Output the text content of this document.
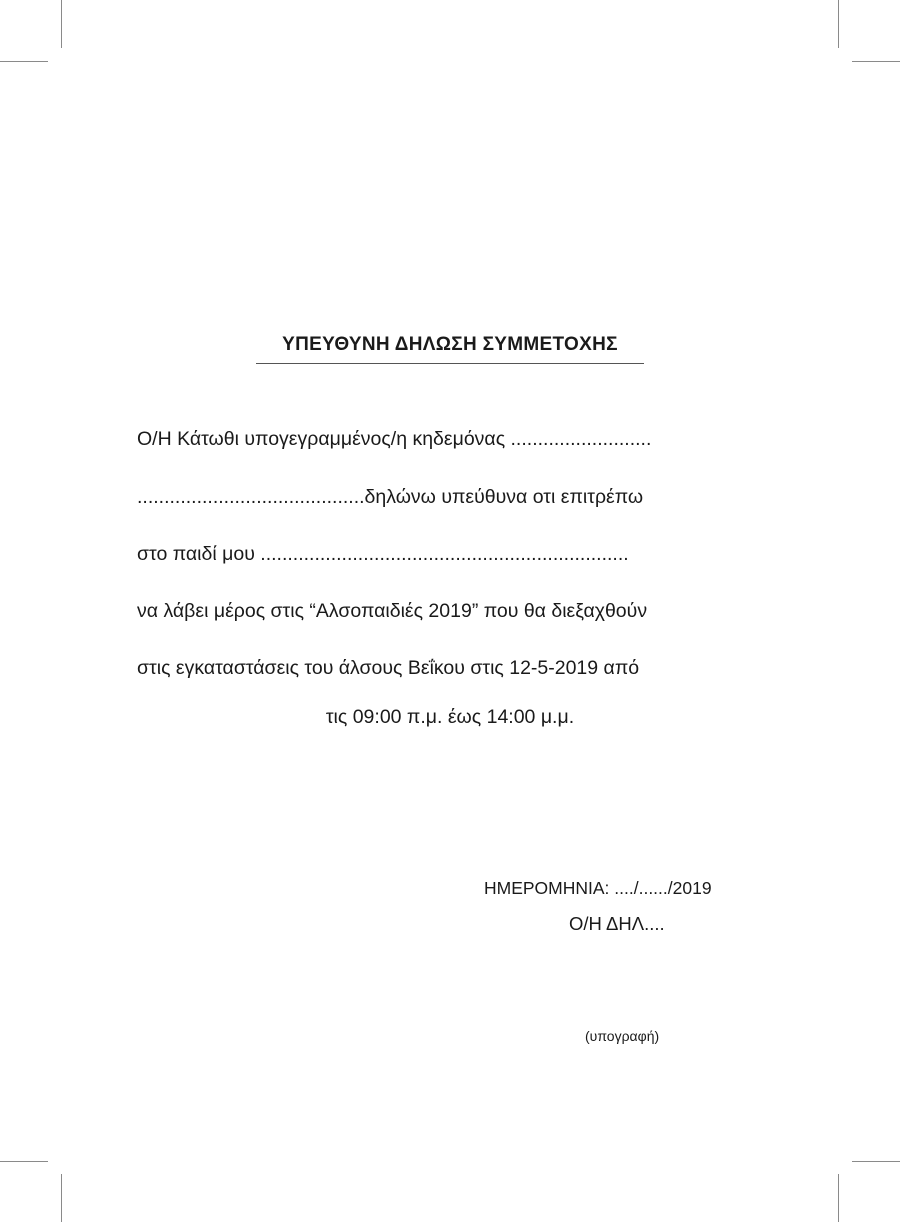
ΥΠΕΥΘΥΝΗ ΔΗΛΩΣΗ ΣΥΜΜΕΤΟΧΗΣ
Ο/Η Κάτωθι υπογεγραμμένος/η κηδεμόνας ..........................
..........................................δηλώνω υπεύθυνα οτι επιτρέπω
στο παιδί μου ....................................................................
να λάβει μέρος στις “Αλσοπαιδιές 2019” που θα διεξαχθούν
στις εγκαταστάσεις του άλσους Βεΐκου στις 12-5-2019 από
τις 09:00 π.μ. έως 14:00 μ.μ.
ΗΜΕΡΟΜΗΝΙΑ: ..../....../2019
Ο/Η ΔΗΛ....
(υπογραφή)
